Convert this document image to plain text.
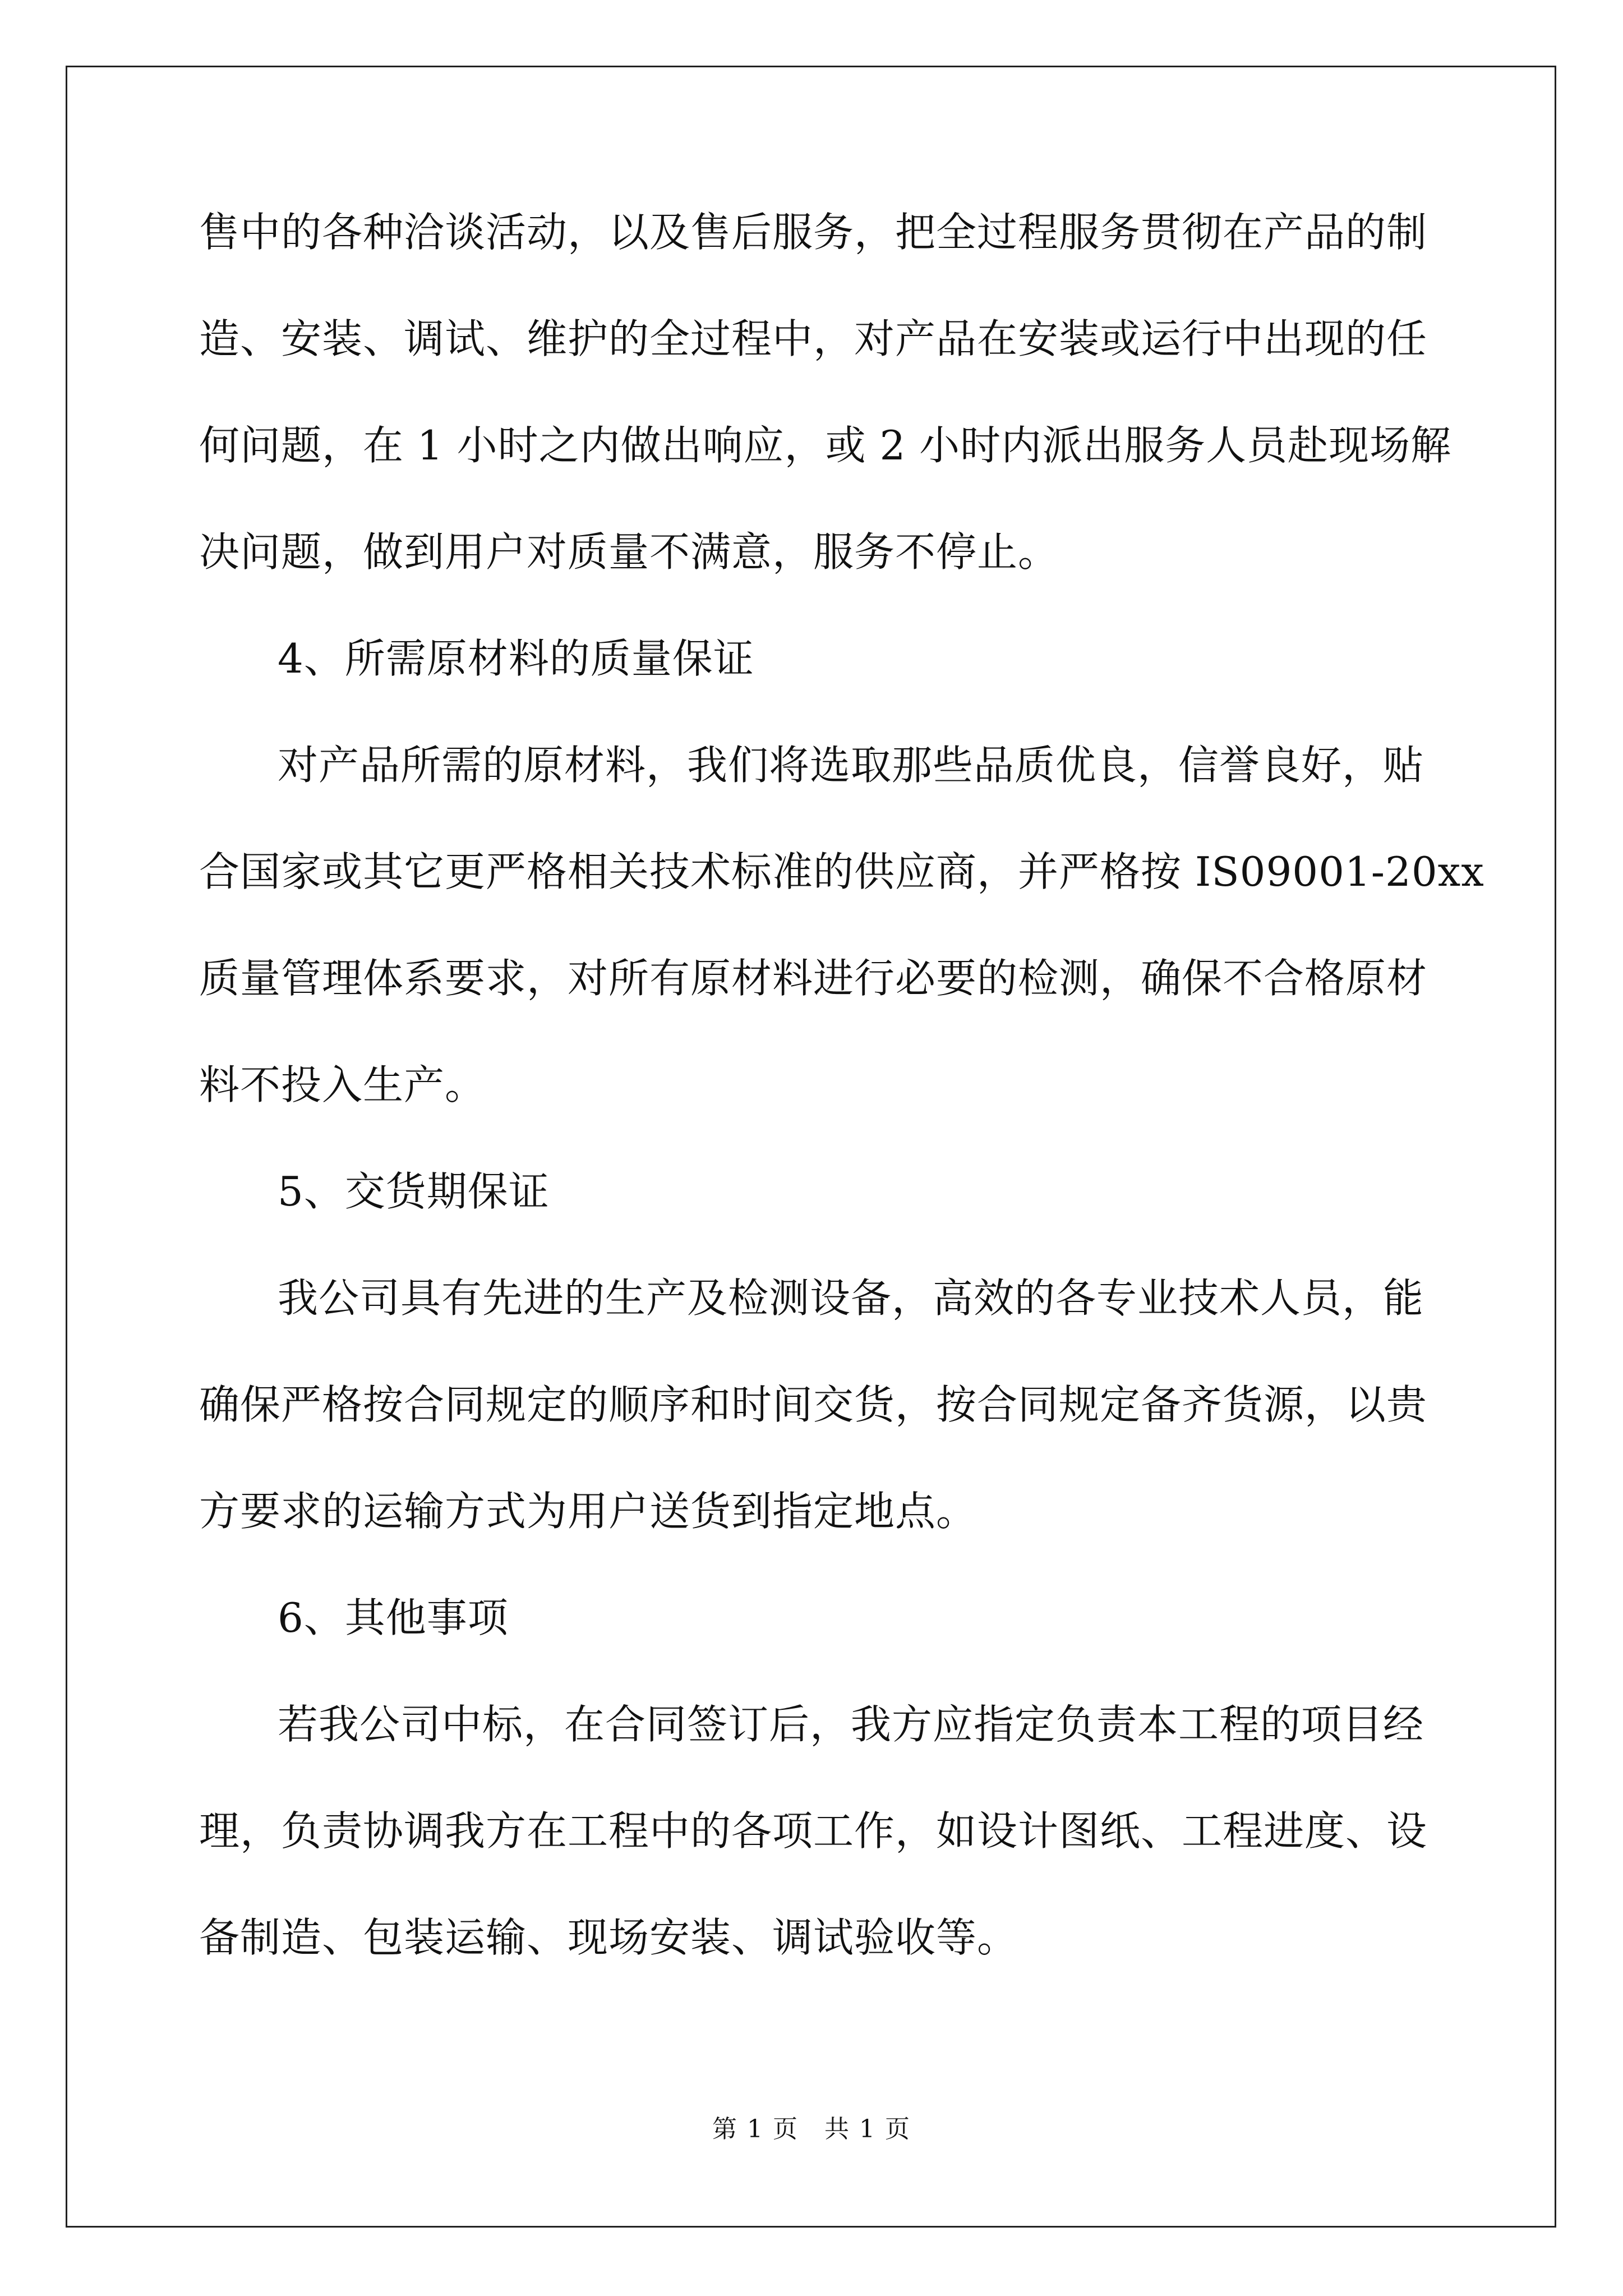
售中的各种洽谈活动，以及售后服务，把全过程服务贯彻在产品的制

造、安装、调试、维护的全过程中，对产品在安装或运行中出现的任

何问题，在 1 小时之内做出响应，或 2 小时内派出服务人员赴现场解

决问题，做到用户对质量不满意，服务不停止。

4、所需原材料的质量保证

对产品所需的原材料，我们将选取那些品质优良，信誉良好，贴

合国家或其它更严格相关技术标准的供应商，并严格按 IS09001-20xx

质量管理体系要求，对所有原材料进行必要的检测，确保不合格原材

料不投入生产。

5、交货期保证

我公司具有先进的生产及检测设备，高效的各专业技术人员，能

确保严格按合同规定的顺序和时间交货，按合同规定备齐货源，以贵

方要求的运输方式为用户送货到指定地点。

6、其他事项

若我公司中标，在合同签订后，我方应指定负责本工程的项目经

理，负责协调我方在工程中的各项工作，如设计图纸、工程进度、设

备制造、包装运输、现场安装、调试验收等。

第 1 页　共 1 页
